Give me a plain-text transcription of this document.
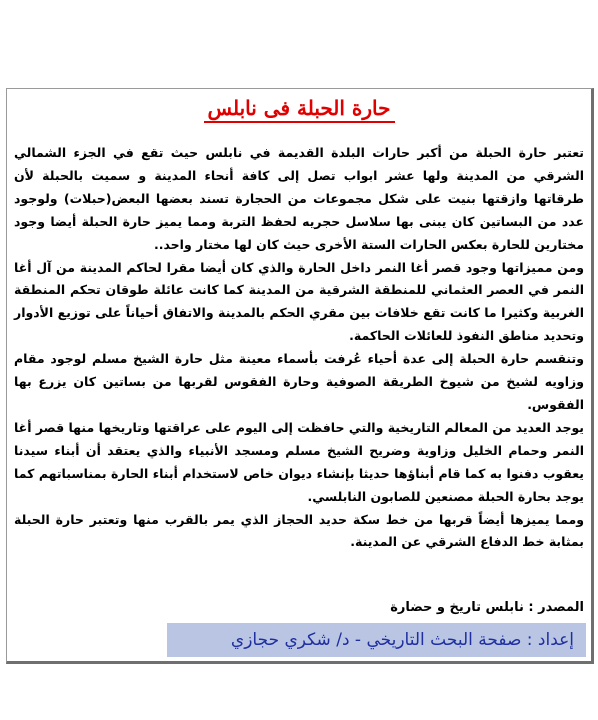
حارة الحبلة فى نابلس

تعتبر حارة الحبلة من أكبر حارات البلدة القديمة في نابلس حيث تقع في الجزء الشمالي الشرقي من المدينة ولها عشر ابواب تصل إلى كافة أنحاء المدينة و سميت بالحبلة لأن طرقاتها وازقتها بنيت على شكل مجموعات من الحجارة تسند بعضها البعض(حبلات) ولوجود عدد من البساتين كان يبنى بها سلاسل حجريه لحفظ التربة ومما يميز حارة الحبلة أيضا وجود مختارين للحارة بعكس الحارات الستة الأخرى حيث كان لها مختار واحد..

ومن مميزاتها وجود قصر أغا النمر داخل الحارة والذي كان أيضا مقرا لحاكم المدينة من آل أغا النمر في العصر العثماني للمنطقة الشرقية من المدينة كما كانت عائلة طوقان تحكم المنطقة الغربية وكثيرا ما كانت تقع خلافات بين مقري الحكم بالمدينة والاتفاق أحياناً على توزيع الأدوار وتحديد مناطق النفوذ للعائلات الحاكمة.

وتنقسم حارة الحبلة إلى عدة أحياء عُرفت بأسماء معينة مثل حارة الشيخ مسلم لوجود مقام وزاويه لشيخ من شيوخ الطريقة الصوفية وحارة الفقوس لقربها من بساتين كان يزرع بها الفقوس.

يوجد العديد من المعالم التاريخية والتي حافظت إلى اليوم على عراقتها وتاريخها منها قصر أغا النمر وحمام الخليل وزاوية وضريح الشيخ مسلم ومسجد الأنبياء والذي يعتقد أن أبناء سيدنا يعقوب دفنوا به كما قام أبناؤها حديثا بإنشاء ديوان خاص لاستخدام أبناء الحارة بمناسباتهم كما يوجد بحارة الحبلة مصنعين للصابون النابلسي.

ومما يميزها أيضاً قربها من خط سكة حديد الحجاز الذي يمر بالقرب منها وتعتبر حارة الحبلة بمثابة خط الدفاع الشرقي عن المدينة.

المصدر : نابلس تاريخ و حضارة
إعداد : صفحة البحث التاريخي - د/ شكري حجازي
